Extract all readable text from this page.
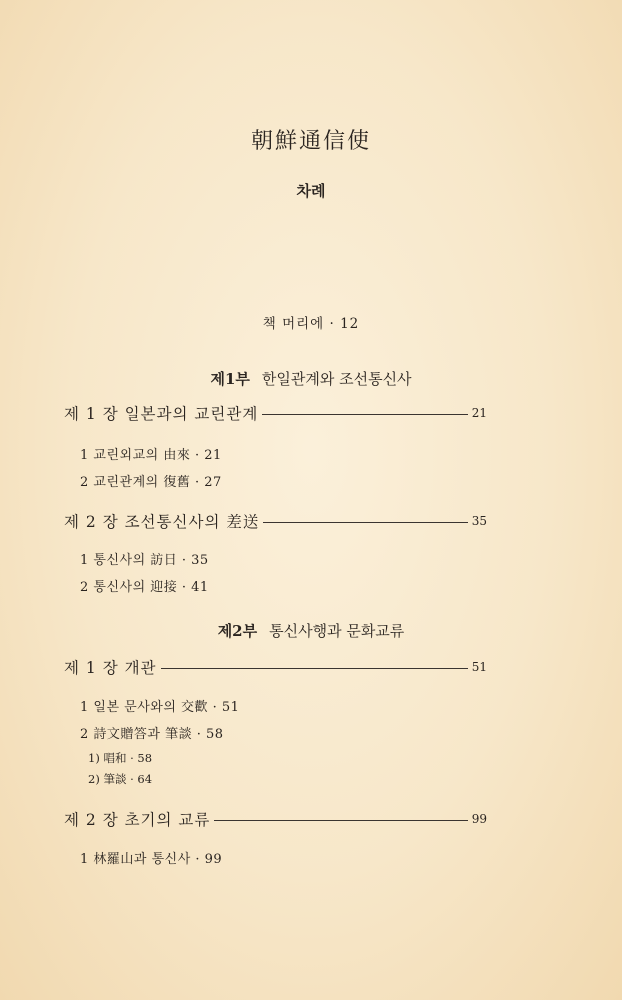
朝鮮通信使
차례
책 머리에 · 12
제1부 한일관계와 조선통신사
제 1 장 일본과의 교린관계	21
1 교린외교의 由來 · 21
2 교린관계의 復舊 · 27
제 2 장 조선통신사의 差送	35
1 통신사의 訪日 · 35
2 통신사의 迎接 · 41
제2부 통신사행과 문화교류
제 1 장 개관	51
1 일본 문사와의 交歡 · 51
2 詩文贈答과 筆談 · 58
1) 唱和 · 58
2) 筆談 · 64
제 2 장 초기의 교류	99
1 林羅山과 통신사 · 99
